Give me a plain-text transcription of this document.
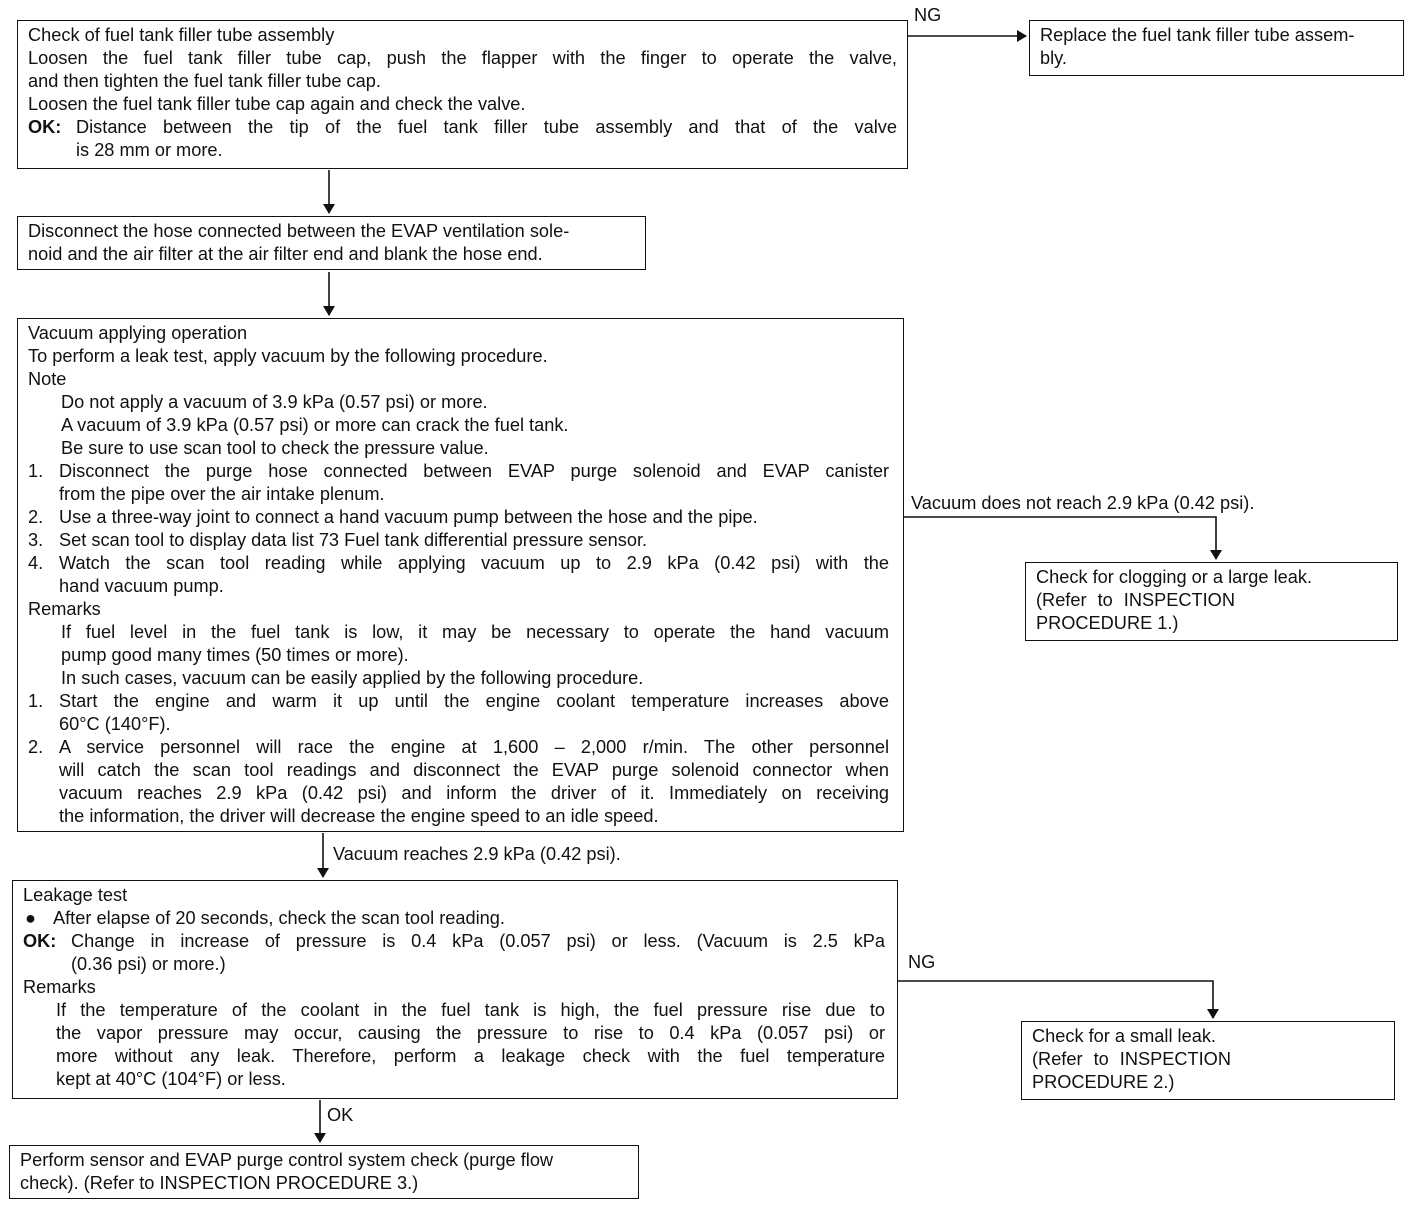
Check of fuel tank filler tube assembly
Loosen the fuel tank filler tube cap, push the flapper with the finger to operate the valve,
and then tighten the fuel tank filler tube cap.
Loosen the fuel tank filler tube cap again and check the valve.
OK: Distance between the tip of the fuel tank filler tube assembly and that of the valve
is 28 mm or more.
NG
Replace the fuel tank filler tube assem-
bly.
Disconnect the hose connected between the EVAP ventilation sole-
noid and the air filter at the air filter end and blank the hose end.
Vacuum applying operation
To perform a leak test, apply vacuum by the following procedure.
Note
Do not apply a vacuum of 3.9 kPa (0.57 psi) or more.
A vacuum of 3.9 kPa (0.57 psi) or more can crack the fuel tank.
Be sure to use scan tool to check the pressure value.
1. Disconnect the purge hose connected between EVAP purge solenoid and EVAP canister
from the pipe over the air intake plenum.
2. Use a three-way joint to connect a hand vacuum pump between the hose and the pipe.
3. Set scan tool to display data list 73 Fuel tank differential pressure sensor.
4. Watch the scan tool reading while applying vacuum up to 2.9 kPa (0.42 psi) with the
hand vacuum pump.
Remarks
If fuel level in the fuel tank is low, it may be necessary to operate the hand vacuum
pump good many times (50 times or more).
In such cases, vacuum can be easily applied by the following procedure.
1. Start the engine and warm it up until the engine coolant temperature increases above
60°C (140°F).
2. A service personnel will race the engine at 1,600 – 2,000 r/min. The other personnel
will catch the scan tool readings and disconnect the EVAP purge solenoid connector when
vacuum reaches 2.9 kPa (0.42 psi) and inform the driver of it. Immediately on receiving
the information, the driver will decrease the engine speed to an idle speed.
Vacuum does not reach 2.9 kPa (0.42 psi).
Check for clogging or a large leak.
(Refer to INSPECTION
PROCEDURE 1.)
Vacuum reaches 2.9 kPa (0.42 psi).
Leakage test
● After elapse of 20 seconds, check the scan tool reading.
OK: Change in increase of pressure is 0.4 kPa (0.057 psi) or less. (Vacuum is 2.5 kPa
(0.36 psi) or more.)
Remarks
If the temperature of the coolant in the fuel tank is high, the fuel pressure rise due to
the vapor pressure may occur, causing the pressure to rise to 0.4 kPa (0.057 psi) or
more without any leak. Therefore, perform a leakage check with the fuel temperature
kept at 40°C (104°F) or less.
NG
Check for a small leak.
(Refer to INSPECTION
PROCEDURE 2.)
OK
Perform sensor and EVAP purge control system check (purge flow
check). (Refer to INSPECTION PROCEDURE 3.)
